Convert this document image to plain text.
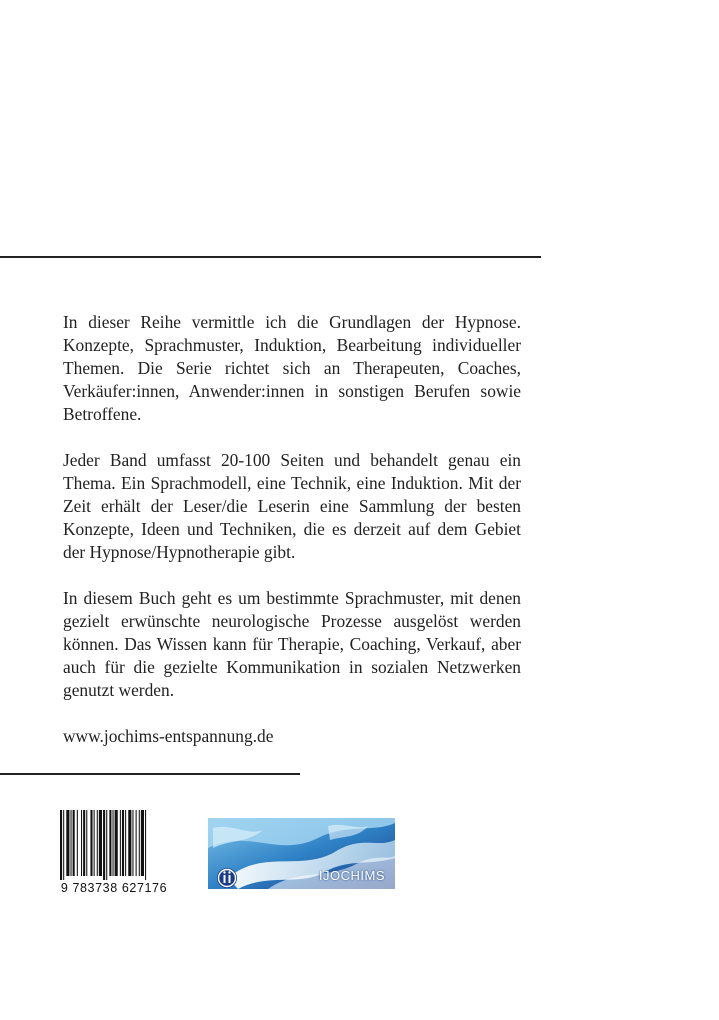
In dieser Reihe vermittle ich die Grundlagen der Hypnose. Konzepte, Sprachmuster, Induktion, Bearbeitung individueller Themen. Die Serie richtet sich an Therapeuten, Coaches, Verkäufer:innen, Anwender:innen in sonstigen Berufen sowie Betroffene.

Jeder Band umfasst 20-100 Seiten und behandelt genau ein Thema. Ein Sprachmodell, eine Technik, eine Induktion. Mit der Zeit erhält der Leser/die Leserin eine Sammlung der besten Konzepte, Ideen und Techniken, die es derzeit auf dem Gebiet der Hypnose/Hypnotherapie gibt.

In diesem Buch geht es um bestimmte Sprachmuster, mit denen gezielt erwünschte neurologische Prozesse ausgelöst werden können. Das Wissen kann für Therapie, Coaching, Verkauf, aber auch für die gezielte Kommunikation in sozialen Netzwerken genutzt werden.

www.jochims-entspannung.de

9 783738 627176
IJOCHIMS
